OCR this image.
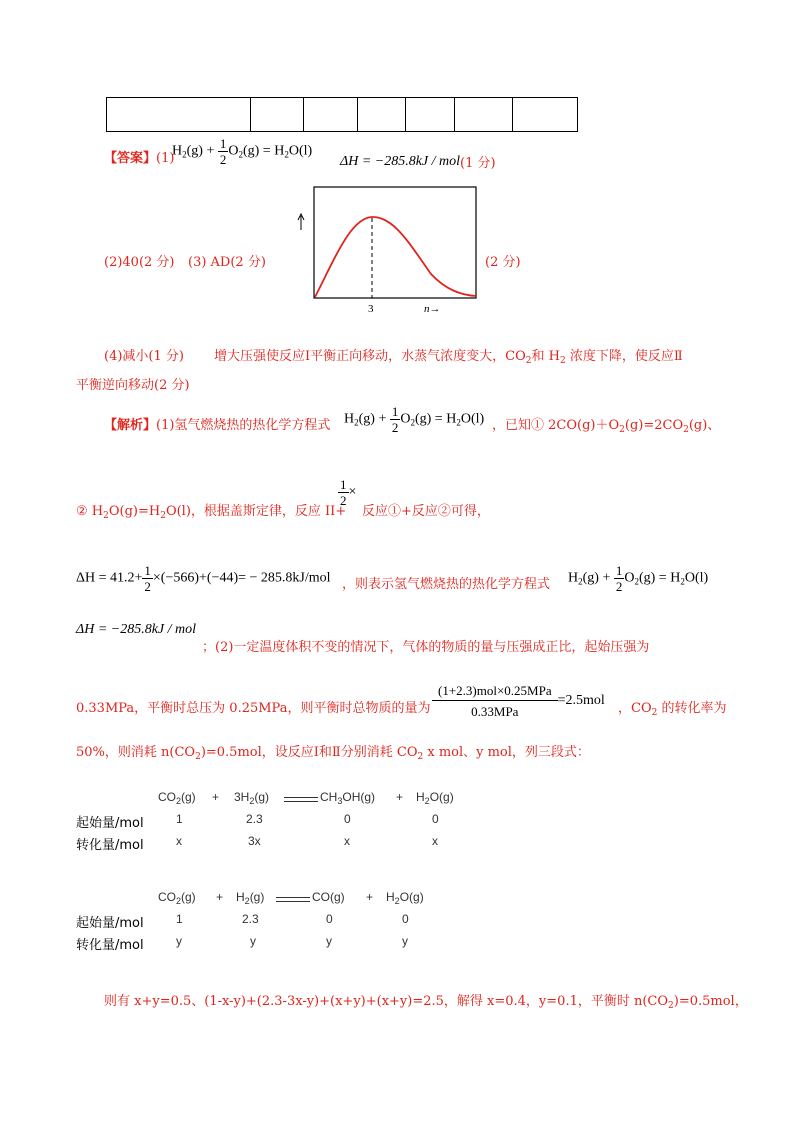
【答案】(1)
$H_2(g) + \frac{1}{2} O_2(g) = H_2O(l)$
ΔH = −285.8kJ / mol (1 分)
(2)40(2 分) (3) AD(2 分)
3	n→
(2 分)
(4)减小(1 分) 增大压强使反应Ⅰ平衡正向移动，水蒸气浓度变大，$CO_2$和 $H_2$ 浓度下降，使反应Ⅱ
平衡逆向移动(2 分)
【解析】(1)氢气燃烧热的热化学方程式 $H_2(g) + \frac{1}{2} O_2(g) = H_2O(l)$ ，已知① $2CO(g)+O_2(g)=2CO_2(g)$、
② $H_2O(g)=H_2O(l)$，根据盖斯定律，反应 II+
$\frac{1}{2}$ ×
反应①+反应②可得，
$\Delta H = 41.2+ \frac{1}{2} \times(-566)+(-44)= - 285.8kJ/mol$ ，则表示氢气燃烧热的热化学方程式 $H_2(g) + \frac{1}{2} O_2(g) = H_2O(l)$
ΔH = −285.8kJ / mol
；(2)一定温度体积不变的情况下，气体的物质的量与压强成正比，起始压强为
0.33MPa，平衡时总压为 0.25MPa，则平衡时总物质的量为 $\frac{\text{(1+2.3)mol×0.25MPa}}{\text{0.33MPa}} =2.5mol$
，$CO_2$ 的转化率为
50%，则消耗 $n(CO_2)=0.5mol$，设反应Ⅰ和Ⅱ分别消耗 $CO_2$ x mol、y mol，列三段式：
$CO_2(g) + 3H_2(g)$	$CH_3OH(g) + H_2O(g)$
起始量/mol	1	2.3	0	0
转化量/mol	x	3x	x	x
$CO_2(g) + H_2(g)$	$CO(g) + H_2O(g)$
起始量/mol	1	2.3	0	0
转化量/mol	y	y	y	y
则有 x+y=0.5、(1-x-y)+(2.3-3x-y)+(x+y)+(x+y)=2.5，解得 x=0.4，y=0.1，平衡时 $n(CO_2)=0.5mol$，
